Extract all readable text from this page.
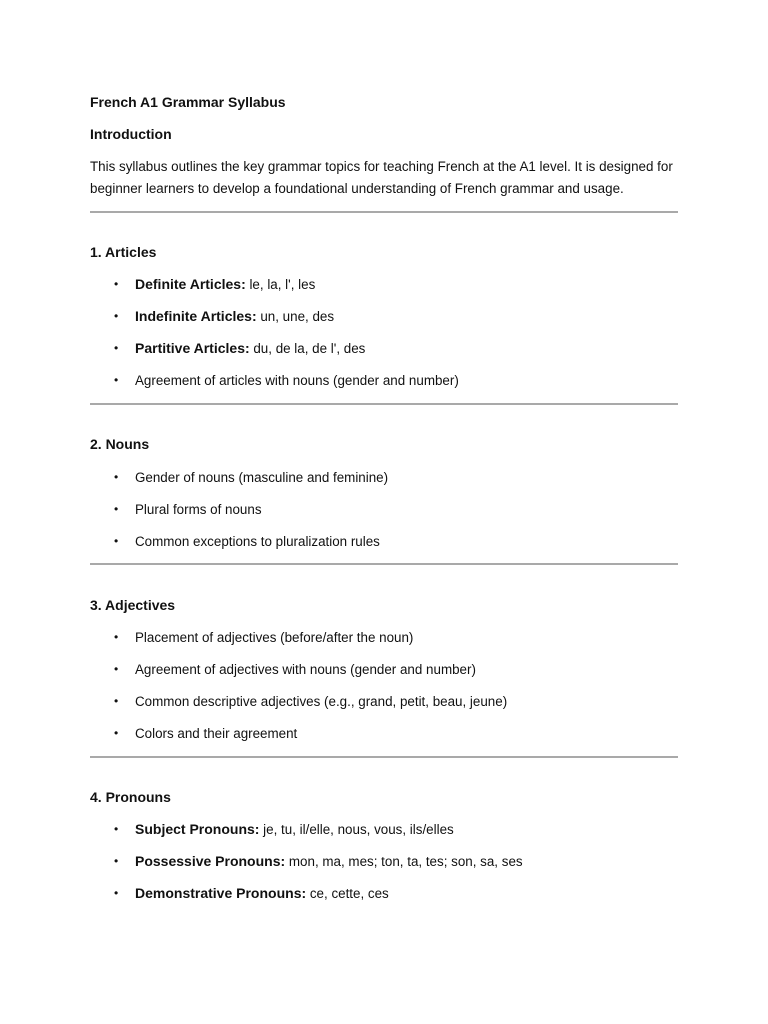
French A1 Grammar Syllabus
Introduction

This syllabus outlines the key grammar topics for teaching French at the A1 level. It is designed for beginner learners to develop a foundational understanding of French grammar and usage.

1. Articles
• Definite Articles: le, la, l', les
• Indefinite Articles: un, une, des
• Partitive Articles: du, de la, de l', des
• Agreement of articles with nouns (gender and number)
2. Nouns
• Gender of nouns (masculine and feminine)
• Plural forms of nouns
• Common exceptions to pluralization rules
3. Adjectives
• Placement of adjectives (before/after the noun)
• Agreement of adjectives with nouns (gender and number)
• Common descriptive adjectives (e.g., grand, petit, beau, jeune)
• Colors and their agreement
4. Pronouns
• Subject Pronouns: je, tu, il/elle, nous, vous, ils/elles
• Possessive Pronouns: mon, ma, mes; ton, ta, tes; son, sa, ses
• Demonstrative Pronouns: ce, cette, ces
